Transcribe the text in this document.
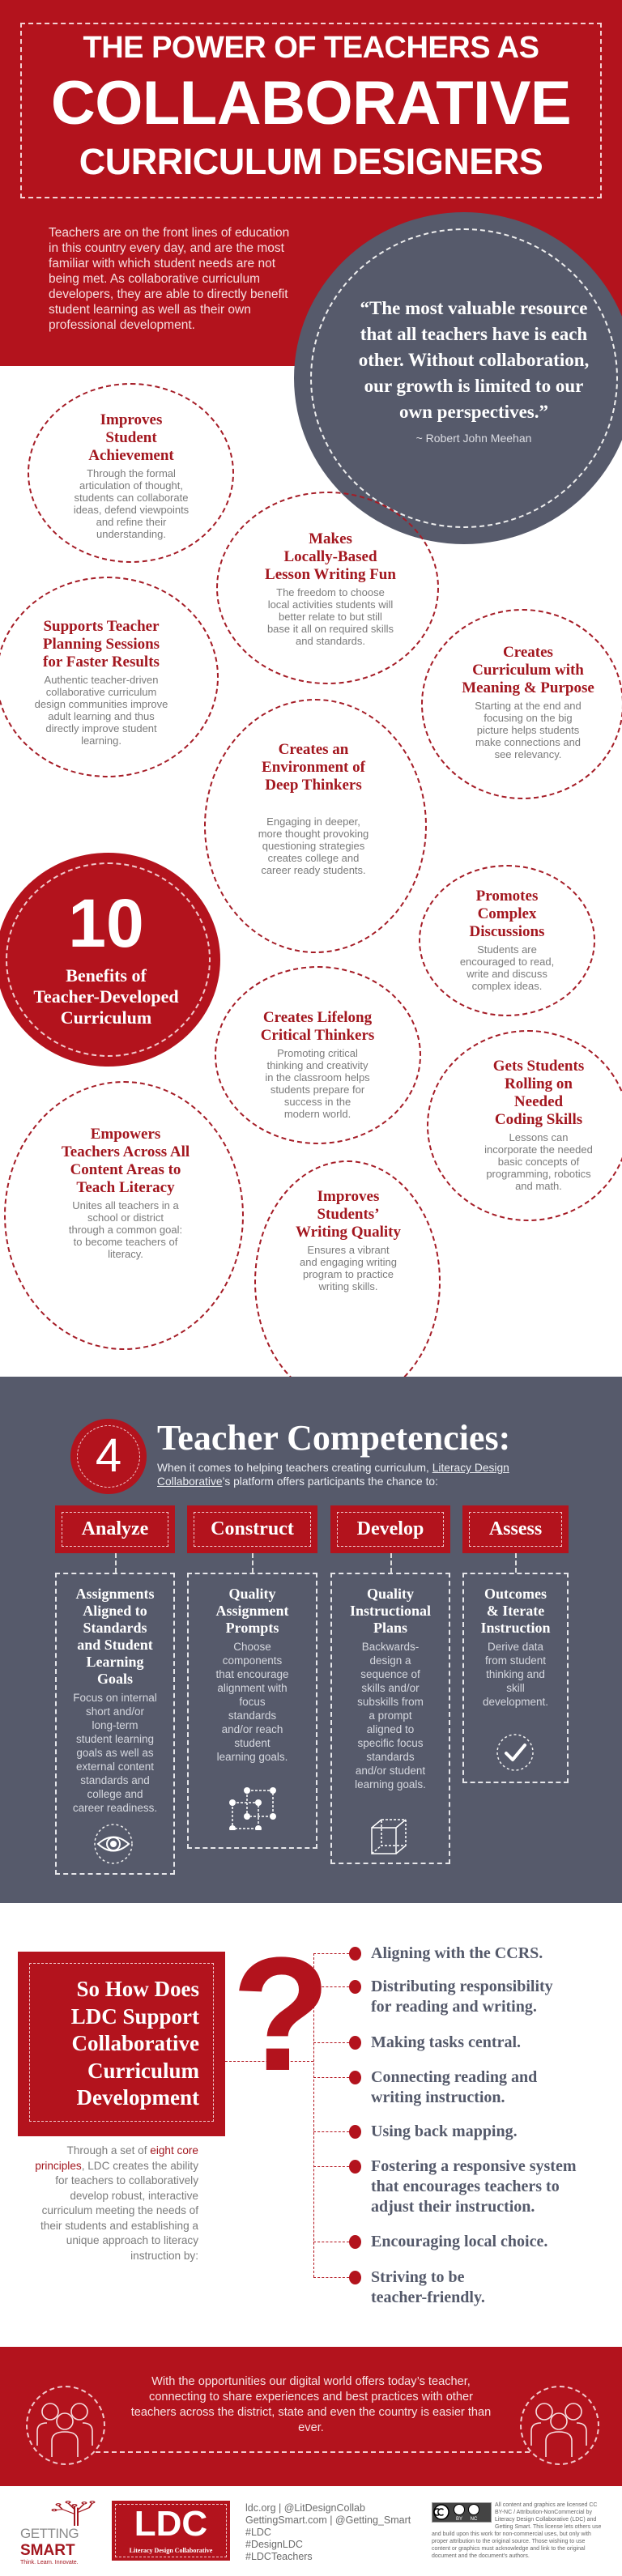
THE POWER OF TEACHERS AS
COLLABORATIVE
CURRICULUM DESIGNERS
Teachers are on the front lines of education in this country every day, and are the most familiar with which student needs are not being met. As collaborative curriculum developers, they are able to directly benefit student learning as well as their own professional development.
“The most valuable resource that all teachers have is each other. Without collaboration, our growth is limited to our own perspectives.”
~ Robert John Meehan
10
Benefits of
Teacher-Developed
Curriculum
Improves
Student
Achievement
Through the formal
articulation of thought,
students can collaborate
ideas, defend viewpoints
and refine their
understanding.	Makes
Locally-Based
Lesson Writing Fun
The freedom to choose
local activities students will
better relate to but still
base it all on required skills
and standards.
Supports Teacher
Planning Sessions
for Faster Results
Authentic teacher-driven
collaborative curriculum
design communities improve
adult learning and thus
directly improve student
learning.
Creates
Curriculum with
Meaning & Purpose
Starting at the end and
focusing on the big
picture helps students
make connections and
see relevancy.
Creates an
Environment of
Deep Thinkers
Engaging in deeper,
more thought provoking
questioning strategies
creates college and
career ready students.
Promotes
Complex
Discussions
Students are
encouraged to read,
write and discuss
complex ideas.
Creates Lifelong
Critical Thinkers
Promoting critical
thinking and creativity
in the classroom helps
students prepare for
success in the
modern world.
Gets Students
Rolling on
Needed
Coding Skills
Lessons can
incorporate the needed
basic concepts of
programming, robotics
and math.
Empowers
Teachers Across All
Content Areas to
Teach Literacy
Unites all teachers in a
school or district
through a common goal:
to become teachers of
literacy.
Improves
Students’
Writing Quality
Ensures a vibrant
and engaging writing
program to practice
writing skills.
4 Teacher Competencies:
When it comes to helping teachers creating curriculum, Literacy Design Collaborative’s platform offers participants the chance to:
Analyze	Construct	Develop	Assess
Assignments
Aligned to
Standards
and Student
Learning
Goals
Focus on internal
short and/or
long-term
student learning
goals as well as
external content
standards and
college and
career readiness.
Quality
Assignment
Prompts
Choose
components
that encourage
alignment with
focus
standards
and/or reach
student
learning goals.
Quality
Instructional
Plans
Backwards-
design a
sequence of
skills and/or
subskills from
a prompt
aligned to
specific focus
standards
and/or student
learning goals.
Outcomes
& Iterate
Instruction
Derive data
from student
thinking and
skill
development.
So How Does
LDC Support
Collaborative
Curriculum
Development ?
Through a set of eight core principles, LDC creates the ability for teachers to collaboratively develop robust, interactive curriculum meeting the needs of their students and establishing a unique approach to literacy instruction by:
Aligning with the CCRS.
Distributing responsibility
for reading and writing.
Making tasks central.
Connecting reading and
writing instruction.
Using back mapping.
Fostering a responsive system
that encourages teachers to
adjust their instruction.
Encouraging local choice.
Striving to be
teacher-friendly.
With the opportunities our digital world offers today’s teacher, connecting to share experiences and best practices with other teachers across the district, state and even the country is easier than ever.
GETTING
SMART
Think. Learn. Innovate.
LDC
Literacy Design Collaborative
ldc.org | @LitDesignCollab
GettingSmart.com | @Getting_Smart
#LDC
#DesignLDC
#LDCTeachers
BY NC
All content and graphics are licensed CC BY-NC / Attribution-NonCommercial by Literacy Design Collaborative (LDC) and Getting Smart. This license lets others use and build upon this work for non-commercial uses, but only with proper attribution to the original source. Those wishing to use content or graphics must acknowledge and link to the original document and the document's authors.
